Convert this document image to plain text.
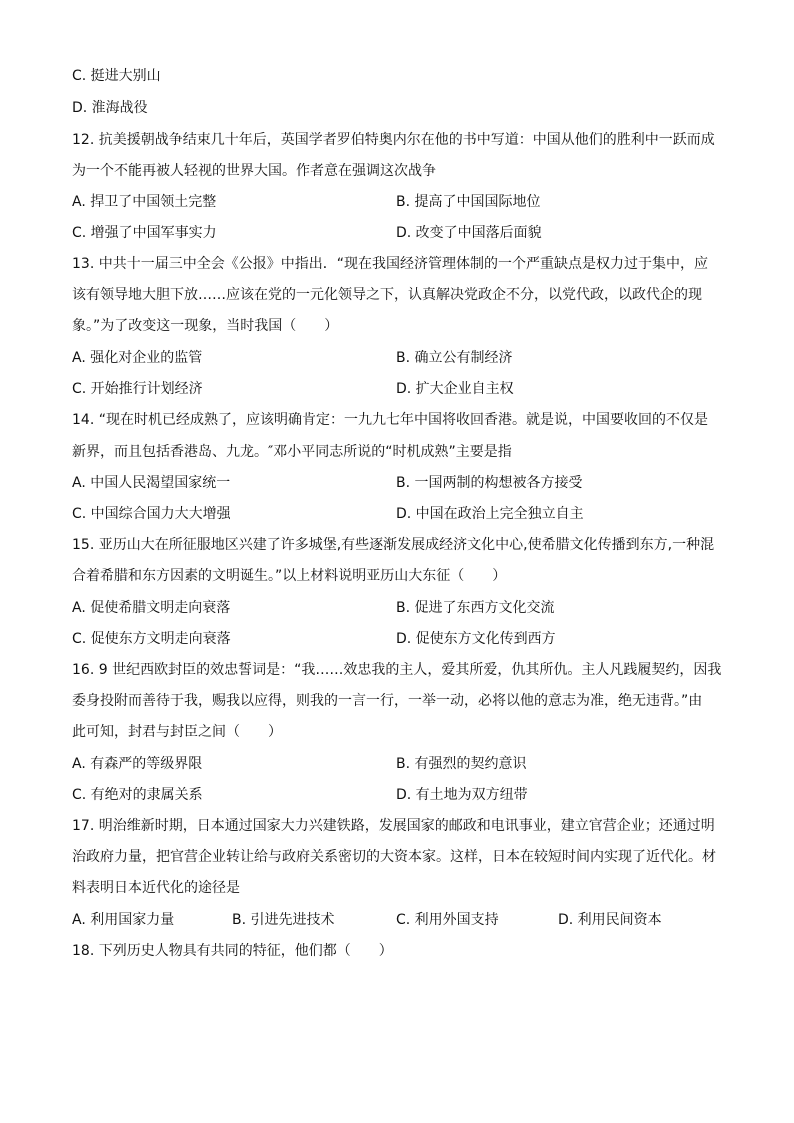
C. 挺进大别山
D. 淮海战役
12. 抗美援朝战争结束几十年后，英国学者罗伯特奥内尔在他的书中写道：中国从他们的胜利中一跃而成
为一个不能再被人轻视的世界大国。作者意在强调这次战争
A. 捍卫了中国领土完整	B. 提高了中国国际地位
C. 增强了中国军事实力	D. 改变了中国落后面貌
13. 中共十一届三中全会《公报》中指出．“现在我国经济管理体制的一个严重缺点是权力过于集中，应
该有领导地大胆下放……应该在党的一元化领导之下，认真解决党政企不分，以党代政，以政代企的现
象。”为了改变这一现象，当时我国（　　）
A. 强化对企业的监管	B. 确立公有制经济
C. 开始推行计划经济	D. 扩大企业自主权
14. “现在时机已经成熟了，应该明确肯定：一九九七年中国将收回香港。就是说，中国要收回的不仅是
新界，而且包括香港岛、九龙。″邓小平同志所说的“时机成熟”主要是指
A. 中国人民渴望国家统一	B. 一国两制的构想被各方接受
C. 中国综合国力大大增强	D. 中国在政治上完全独立自主
15. 亚历山大在所征服地区兴建了许多城堡,有些逐渐发展成经济文化中心,使希腊文化传播到东方,一种混
合着希腊和东方因素的文明诞生。”以上材料说明亚历山大东征（　　）
A. 促使希腊文明走向衰落	B. 促进了东西方文化交流
C. 促使东方文明走向衰落	D. 促使东方文化传到西方
16. 9 世纪西欧封臣的效忠誓词是：“我……效忠我的主人，爱其所爱，仇其所仇。主人凡践履契约，因我
委身投附而善待于我，赐我以应得，则我的一言一行，一举一动，必将以他的意志为准，绝无违背。”由
此可知，封君与封臣之间（　　）
A. 有森严的等级界限	B. 有强烈的契约意识
C. 有绝对的隶属关系	D. 有土地为双方纽带
17. 明治维新时期，日本通过国家大力兴建铁路，发展国家的邮政和电讯事业，建立官营企业；还通过明
治政府力量，把官营企业转让给与政府关系密切的大资本家。这样，日本在较短时间内实现了近代化。材
料表明日本近代化的途径是
A. 利用国家力量	B. 引进先进技术	C. 利用外国支持	D. 利用民间资本
18. 下列历史人物具有共同的特征，他们都（　　）
